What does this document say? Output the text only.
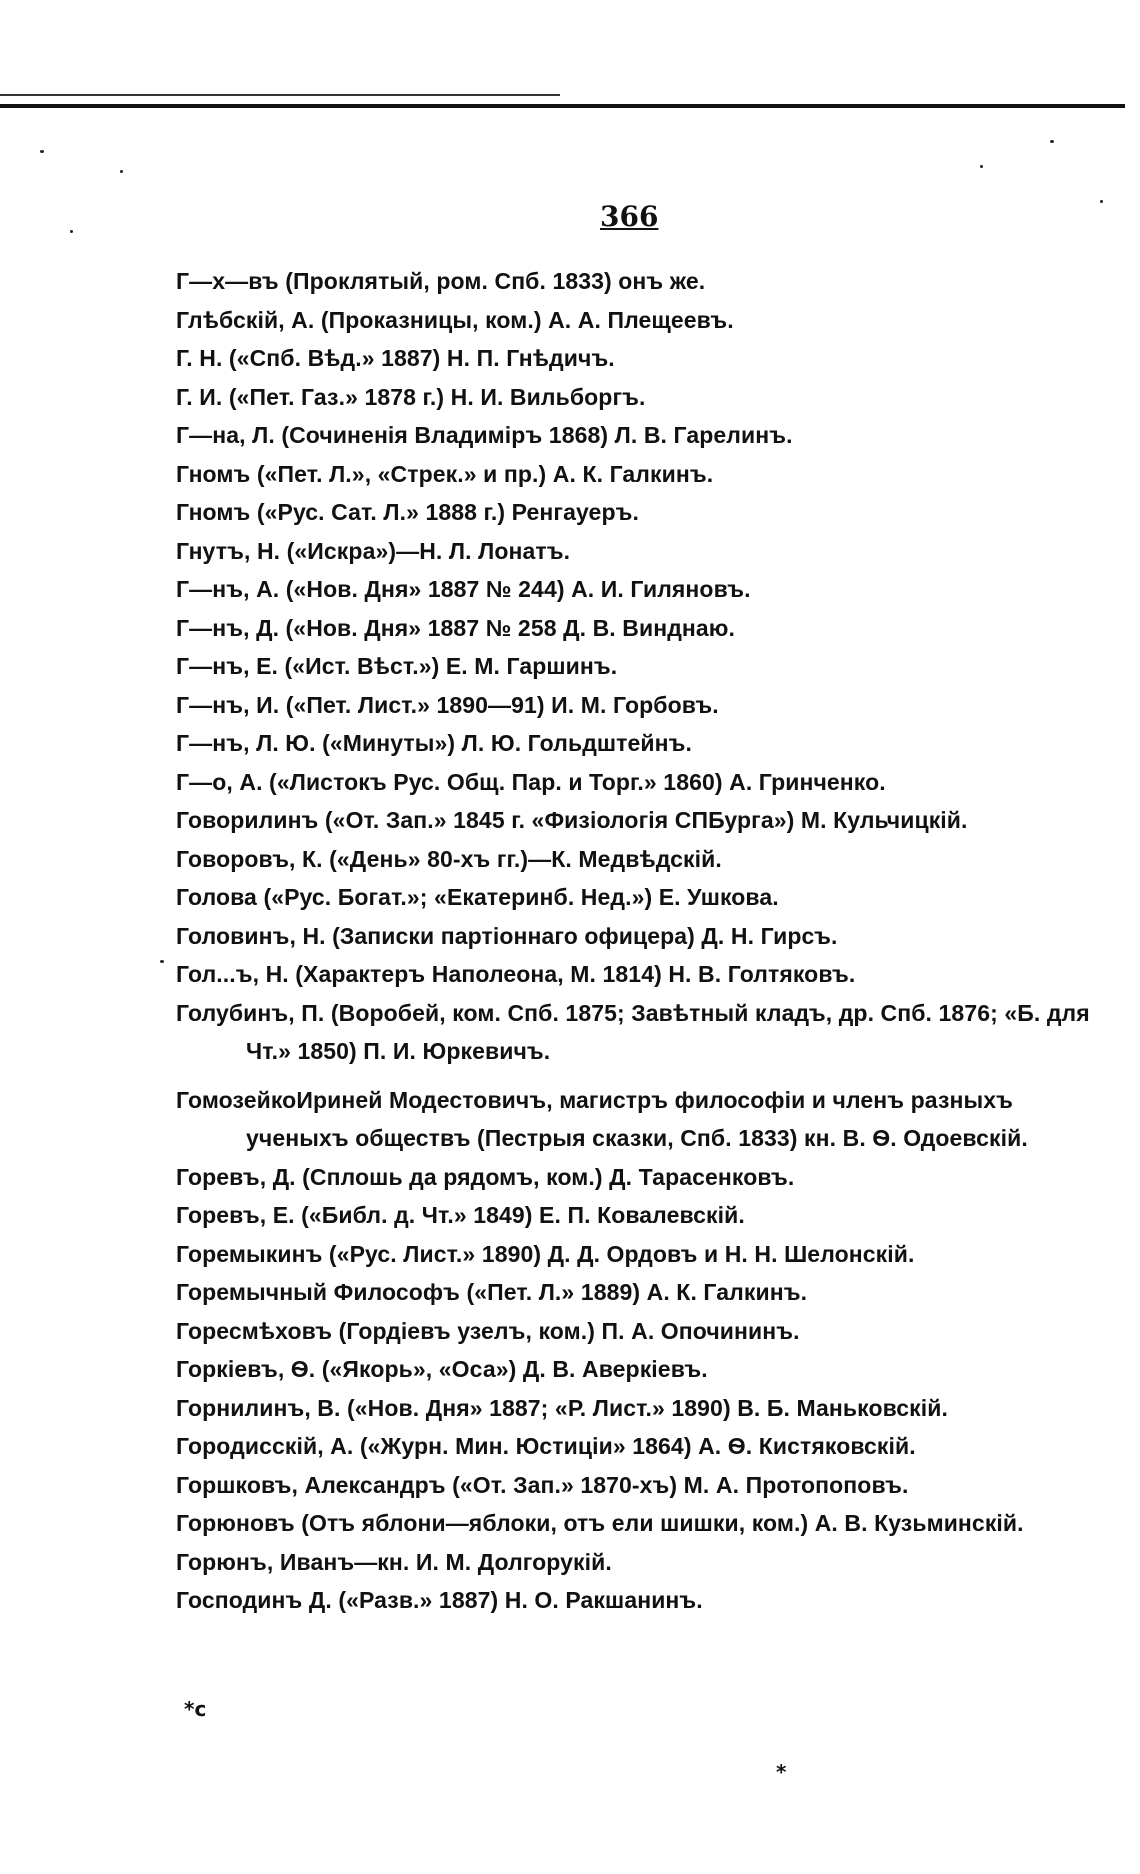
366
Г—х—въ (Проклятый, ром. Спб. 1833) онъ же.
Глѣбскій, А. (Проказницы, ком.) А. А. Плещеевъ.
Г. Н. («Спб. Вѣд.» 1887) Н. П. Гнѣдичъ.
Г. И. («Пет. Газ.» 1878 г.) Н. И. Вильборгъ.
Г—на, Л. (Сочиненія Владиміръ 1868) Л. В. Гарелинъ.
Гномъ («Пет. Л.», «Стрек.» и пр.) А. К. Галкинъ.
Гномъ («Рус. Сат. Л.» 1888 г.) Ренгауеръ.
Гнутъ, Н. («Искра»)—Н. Л. Лонатъ.
Г—нъ, А. («Нов. Дня» 1887 № 244) А. И. Гиляновъ.
Г—нъ, Д. («Нов. Дня» 1887 № 258 Д. В. Винднаю.
Г—нъ, Е. («Ист. Вѣст.») Е. М. Гаршинъ.
Г—нъ, И. («Пет. Лист.» 1890—91) И. М. Горбовъ.
Г—нъ, Л. Ю. («Минуты») Л. Ю. Гольдштейнъ.
Г—о, А. («Листокъ Рус. Общ. Пар. и Торг.» 1860) А. Гринченко.
Говорилинъ («От. Зап.» 1845 г. «Физіологія СПБурга») М. Кульчицкій.
Говоровъ, К. («День» 80-хъ гг.)—К. Медвѣдскій.
Голова («Рус. Богат.»; «Екатеринб. Нед.») Е. Ушкова.
Головинъ, Н. (Записки партіоннаго офицера) Д. Н. Гирсъ.
Гол...ъ, Н. (Характеръ Наполеона, М. 1814) Н. В. Голтяковъ.
Голубинъ, П. (Воробей, ком. Спб. 1875; Завѣтный кладъ, др. Спб. 1876; «Б. для Чт.» 1850) П. И. Юркевичъ.
ГомозейкоИриней Модестовичъ, магистръ философіи и членъ разныхъ ученыхъ обществъ (Пестрыя сказки, Спб. 1833) кн. В. Ѳ. Одоевскій.
Горевъ, Д. (Сплошь да рядомъ, ком.) Д. Тарасенковъ.
Горевъ, Е. («Библ. д. Чт.» 1849) Е. П. Ковалевскій.
Горемыкинъ («Рус. Лист.» 1890) Д. Д. Ордовъ и Н. Н. Шелонскій.
Горемычный Философъ («Пет. Л.» 1889) А. К. Галкинъ.
Горесмѣховъ (Гордіевъ узелъ, ком.) П. А. Опочининъ.
Горкіевъ, Ѳ. («Якорь», «Оса») Д. В. Аверкіевъ.
Горнилинъ, В. («Нов. Дня» 1887; «Р. Лист.» 1890) В. Б. Маньковскій.
Городисскій, А. («Журн. Мин. Юстиціи» 1864) А. Ѳ. Кистяковскій.
Горшковъ, Александръ («От. Зап.» 1870-хъ) М. А. Протопоповъ.
Горюновъ (Отъ яблони—яблоки, отъ ели шишки, ком.) А. В. Кузьминскій.
Горюнъ, Иванъ—кн. И. М. Долгорукій.
Господинъ Д. («Разв.» 1887) Н. О. Ракшанинъ.
*c
*
